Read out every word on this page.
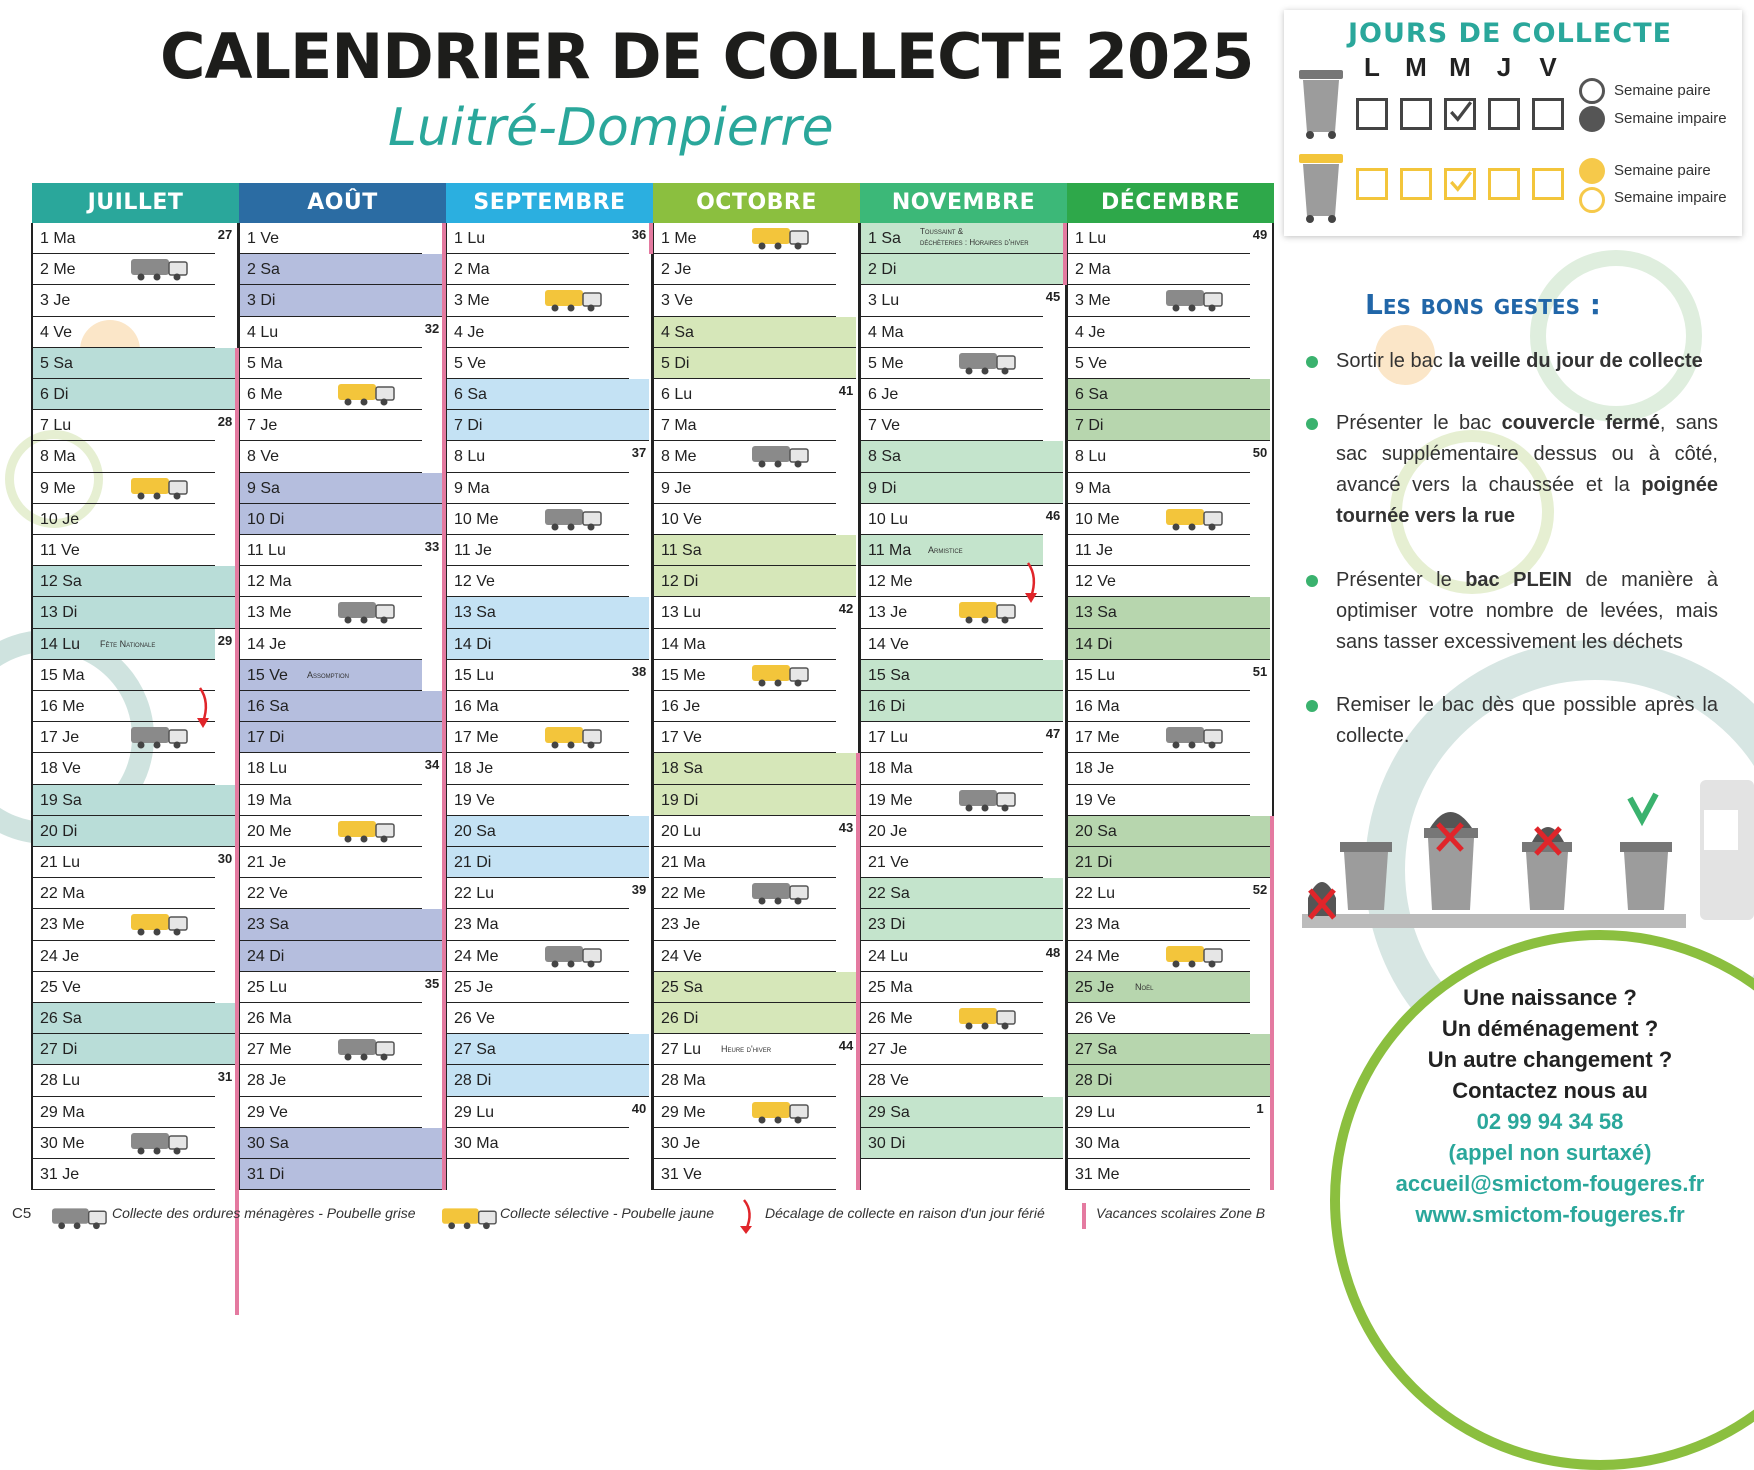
CALENDRIER DE COLLECTE 2025
Luitré-Dompierre
JUILLET
1 Ma	27
2 Me
3 Je
4 Ve
5 Sa
6 Di
7 Lu	28
8 Ma
9 Me
10 Je
11 Ve
12 Sa
13 Di
14 Lu Fête Nationale	29
15 Ma
16 Me
17 Je
18 Ve
19 Sa
20 Di
21 Lu	30
22 Ma
23 Me
24 Je
25 Ve
26 Sa
27 Di
28 Lu	31
29 Ma
30 Me
31 Je
AOÛT
1 Ve
2 Sa
3 Di
4 Lu	32
5 Ma
6 Me
7 Je
8 Ve
9 Sa
10 Di
11 Lu	33
12 Ma
13 Me
14 Je
15 Ve Assomption
16 Sa
17 Di
18 Lu	34
19 Ma
20 Me
21 Je
22 Ve
23 Sa
24 Di
25 Lu	35
26 Ma
27 Me
28 Je
29 Ve
30 Sa
31 Di
SEPTEMBRE
1 Lu	36
2 Ma
3 Me
4 Je
5 Ve
6 Sa
7 Di
8 Lu	37
9 Ma
10 Me
11 Je
12 Ve
13 Sa
14 Di
15 Lu	38
16 Ma
17 Me
18 Je
19 Ve
20 Sa
21 Di
22 Lu	39
23 Ma
24 Me
25 Je
26 Ve
27 Sa
28 Di
29 Lu	40
30 Ma
OCTOBRE
1 Me
2 Je
3 Ve
4 Sa
5 Di
6 Lu	41
7 Ma
8 Me
9 Je
10 Ve
11 Sa
12 Di
13 Lu	42
14 Ma
15 Me
16 Je
17 Ve
18 Sa
19 Di
20 Lu	43
21 Ma
22 Me
23 Je
24 Ve
25 Sa
26 Di
27 Lu Heure d'hiver	44
28 Ma
29 Me
30 Je
31 Ve
NOVEMBRE
1 Sa Toussaint &
déchèteries : Horaires d'hiver
2 Di
3 Lu	45
4 Ma
5 Me
6 Je
7 Ve
8 Sa
9 Di
10 Lu	46
11 Ma Armistice
12 Me
13 Je
14 Ve
15 Sa
16 Di
17 Lu	47
18 Ma
19 Me
20 Je
21 Ve
22 Sa
23 Di
24 Lu	48
25 Ma
26 Me
27 Je
28 Ve
29 Sa
30 Di
DÉCEMBRE
1 Lu	49
2 Ma
3 Me
4 Je
5 Ve
6 Sa
7 Di
8 Lu	50
9 Ma
10 Me
11 Je
12 Ve
13 Sa
14 Di
15 Lu	51
16 Ma
17 Me
18 Je
19 Ve
20 Sa
21 Di
22 Lu	52
23 Ma
24 Me
25 Je Noël
26 Ve
27 Sa
28 Di
29 Lu	1
30 Ma
31 Me
JOURS DE COLLECTE
L M M J	V
Semaine paire
Semaine impaire
Semaine paire
Semaine impaire
Les bons gestes :
Sortir le bac la veille du jour de collecte
Présenter le bac couvercle fermé, sans sac supplémentaire dessus ou à côté, avancé vers la chaussée et la poignée tournée vers la rue
Présenter le bac PLEIN de manière à optimiser votre nombre de levées, mais sans tasser excessivement les déchets
Remiser le bac dès que possible après la collecte.
Une naissance ?
Un déménagement ?
Un autre changement ?
Contactez nous au
02 99 94 34 58
(appel non surtaxé)
accueil@smictom-fougeres.fr
www.smictom-fougeres.fr
C5	Collecte des ordures ménagères - Poubelle grise	Collecte sélective - Poubelle jaune	Décalage de collecte en raison d'un jour férié	Vacances scolaires Zone B
